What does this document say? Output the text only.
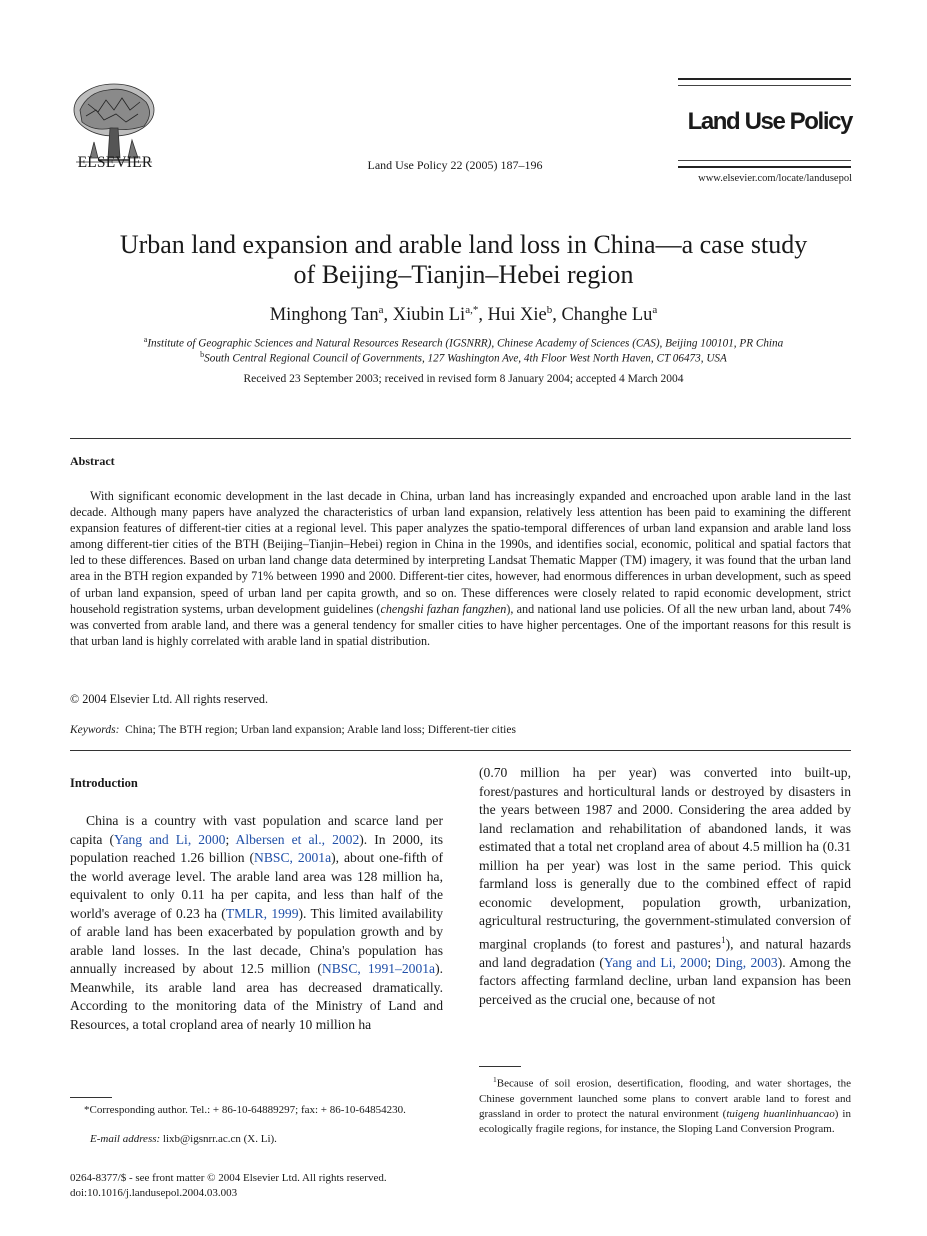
ELSEVIER	Land Use Policy 22 (2005) 187–196
Land Use Policy
www.elsevier.com/locate/landusepol
Urban land expansion and arable land loss in China—a case study
of Beijing–Tianjin–Hebei region
Minghong Tan$^a$, Xiubin $Li^{a,*}$, Hui Xie$^b$, Changhe Lu$^a$
$^a$Institute of Geographic Sciences and Natural Resources Research (IGSNRR), Chinese Academy of Sciences (CAS), Beijing 100101, PR China
$^b$South Central Regional Council of Governments, 127 Washington Ave, 4th Floor West North Haven, CT 06473, USA
Received 23 September 2003; received in revised form 8 January 2004; accepted 4 March 2004
Abstract
With significant economic development in the last decade in China, urban land has increasingly expanded and encroached upon arable land in the last decade. Although many papers have analyzed the characteristics of urban land expansion, relatively less attention has been paid to examining the different expansion features of different-tier cities at a regional level. This paper analyzes the spatio-temporal differences of urban land expansion and arable land loss among different-tier cities of the BTH (Beijing–Tianjin–Hebei) region in China in the 1990s, and identifies social, economic, political and spatial factors that led to these differences. Based on urban land change data determined by interpreting Landsat Thematic Mapper (TM) imagery, it was found that the urban land area in the BTH region expanded by 71% between 1990 and 2000. Different-tier cites, however, had enormous differences in urban development, such as speed of urban land expansion, speed of urban land per capita growth, and so on. These differences were closely related to rapid economic development, strict household registration systems, urban development guidelines (chengshi fazhan fangzhen), and national land use policies. Of all the new urban land, about 74% was converted from arable land, and there was a general tendency for smaller cities to have higher percentages. One of the important reasons for this result is that urban land is highly correlated with arable land in spatial distribution.
© 2004 Elsevier Ltd. All rights reserved.
Keywords: China; The BTH region; Urban land expansion; Arable land loss; Different-tier cities
Introduction

China is a country with vast population and scarce land per capita (Yang and Li, 2000; Albersen et al., 2002). In 2000, its population reached 1.26 billion (NBSC, 2001a), about one-fifth of the world average level. The arable land area was 128 million ha, equivalent to only 0.11 ha per capita, and less than half of the world's average of 0.23 ha (TMLR, 1999). This limited availability of arable land has been exacerbated by population growth and by arable land losses. In the last decade, China's population has annually increased by about 12.5 million (NBSC, 1991–2001a). Meanwhile, its arable land area has decreased dramatically. According to the monitoring data of the Ministry of Land and Resources, a total cropland area of nearly 10 million ha

(0.70 million ha per year) was converted into built-up, forest/pastures and horticultural lands or destroyed by disasters in the years between 1987 and 2000. Considering the area added by land reclamation and rehabilitation of abandoned lands, it was estimated that a total net cropland area of about 4.5 million ha (0.31 million ha per year) was lost in the same period. This quick farmland loss is generally due to the combined effect of rapid economic development, population growth, urbanization, agricultural restructuring, the government-stimulated conversion of marginal croplands (to forest and pastures$^1$), and natural hazards and land degradation (Yang and Li, 2000; Ding, 2003). Among the factors affecting farmland decline, urban land expansion has been perceived as the crucial one, because of not

*Corresponding author. Tel.: + 86-10-64889297; fax: + 86-10-64854230.
E-mail address: lixb@igsnrr.ac.cn (X. Li).
$^1$Because of soil erosion, desertification, flooding, and water shortages, the Chinese government launched some plans to convert arable land to forest and grassland in order to protect the natural environment (tuigeng huanlinhuancao) in ecologically fragile regions, for instance, the Sloping Land Conversion Program.
0264-8377/$ - see front matter © 2004 Elsevier Ltd. All rights reserved.
doi:10.1016/j.landusepol.2004.03.003
